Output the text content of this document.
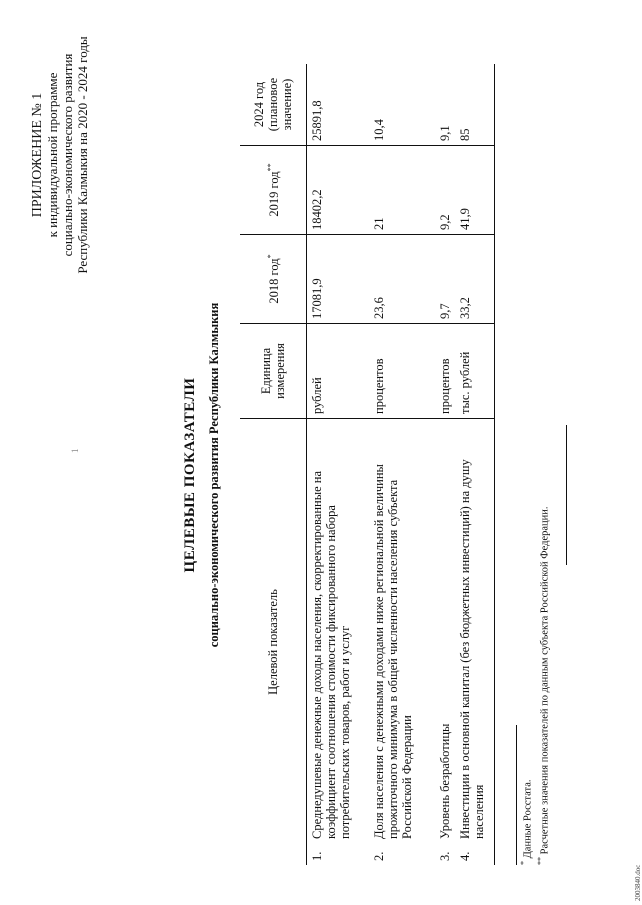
1
ПРИЛОЖЕНИЕ № 1 к индивидуальной программе социально-экономического развития Республики Калмыкия на 2020 - 2024 годы
ЦЕЛЕВЫЕ ПОКАЗАТЕЛИ социально-экономического развития Республики Калмыкия	Целевой показатель	Единица измерения	2018 год*	2019 год**	2024 год (плановое значение)

1.
Среднедушевые денежные доходы населения, скорректированные на коэффициент соотношения стоимости фиксированного набора потребительских товаров, работ и услуг	рублей	17081,9	18402,2	25891,8

2.
Доля населения с денежными доходами ниже региональной величины прожиточного минимума в общей численности населения субъекта Российской Федерации	процентов	23,6	21	10,4

3.
Уровень безработицы	процентов	9,7	9,2	9,1

4.
Инвестиции в основной капитал (без бюджетных инвестиций) на душу населения	тыс. рублей	33,2	41,9	85
* Данные Росстата.
** Расчетные значения показателей по данным субъекта Российской Федерации.
2003840.doc
